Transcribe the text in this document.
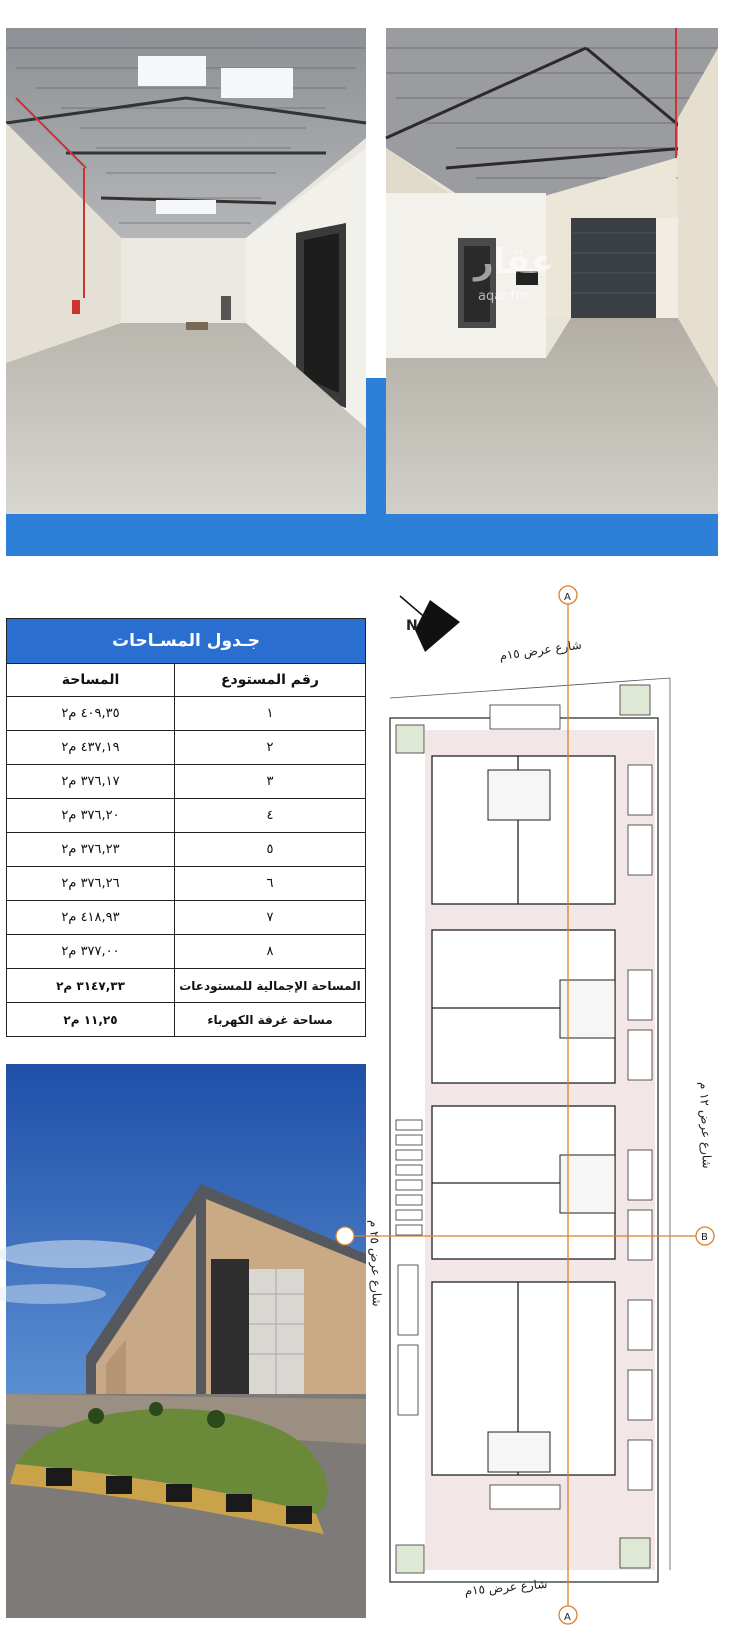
عقار
aqar.fm
جـدول المسـاحات	
رقم المستودع	المساحة
١	٤٠٩,٣٥ م٢
٢	٤٣٧,١٩ م٢
٣	٣٧٦,١٧ م٢
٤	٣٧٦,٢٠ م٢
٥	٣٧٦,٢٣ م٢
٦	٣٧٦,٢٦ م٢
٧	٤١٨,٩٣ م٢
٨	٣٧٧,٠٠ م٢
المساحة الإجمالية للمستودعات	٣١٤٧,٣٣ م٢
مساحة غرفة الكهرباء	١١,٢٥ م٢
N
شارع عرض ١٥م
شارع عرض ١٥م
شارع عرض ٢٥ م
شارع عرض ١٢ م
A
A
B
